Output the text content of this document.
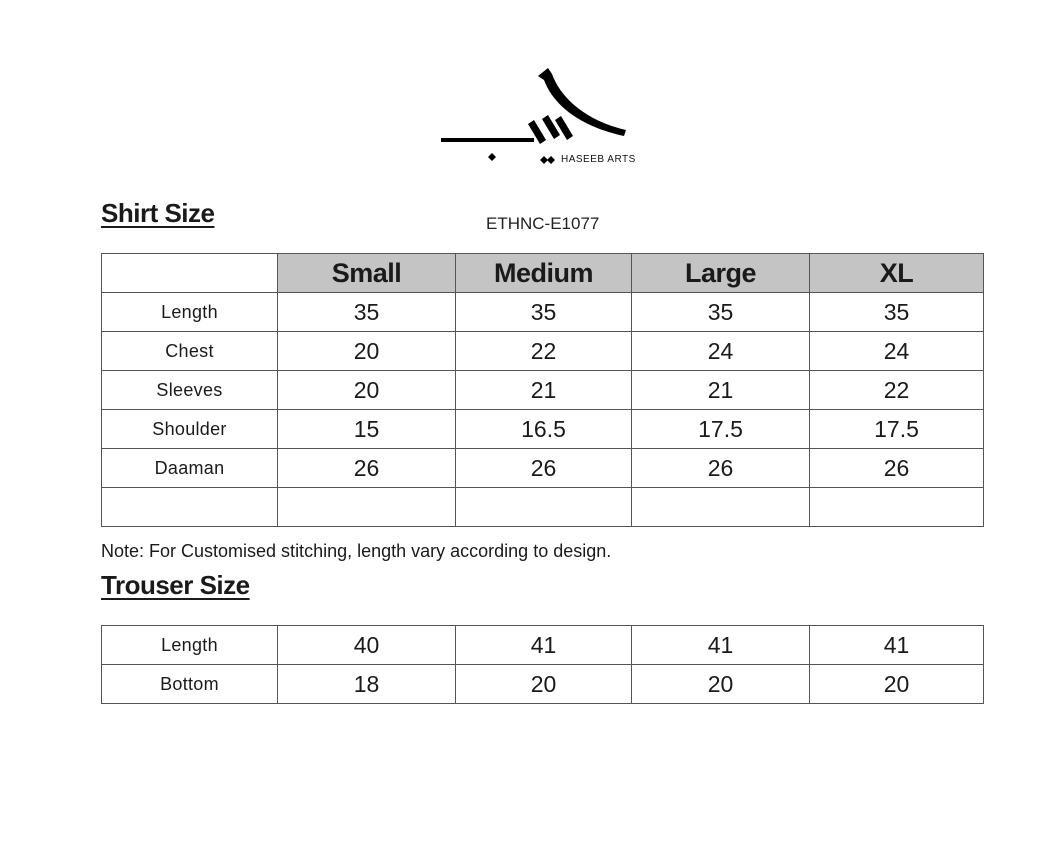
HASEEB ARTS
Shirt Size	ETHNC-E1077
	Small	Medium	Large	XL
Length	35	35	35	35
Chest	20	22	24	24
Sleeves	20	21	21	22
Shoulder	15	16.5	17.5	17.5
Daaman	26	26	26	26

Note: For Customised stitching, length vary according to design.
Trouser Size
Length	40	41	41	41
Bottom	18	20	20	20
